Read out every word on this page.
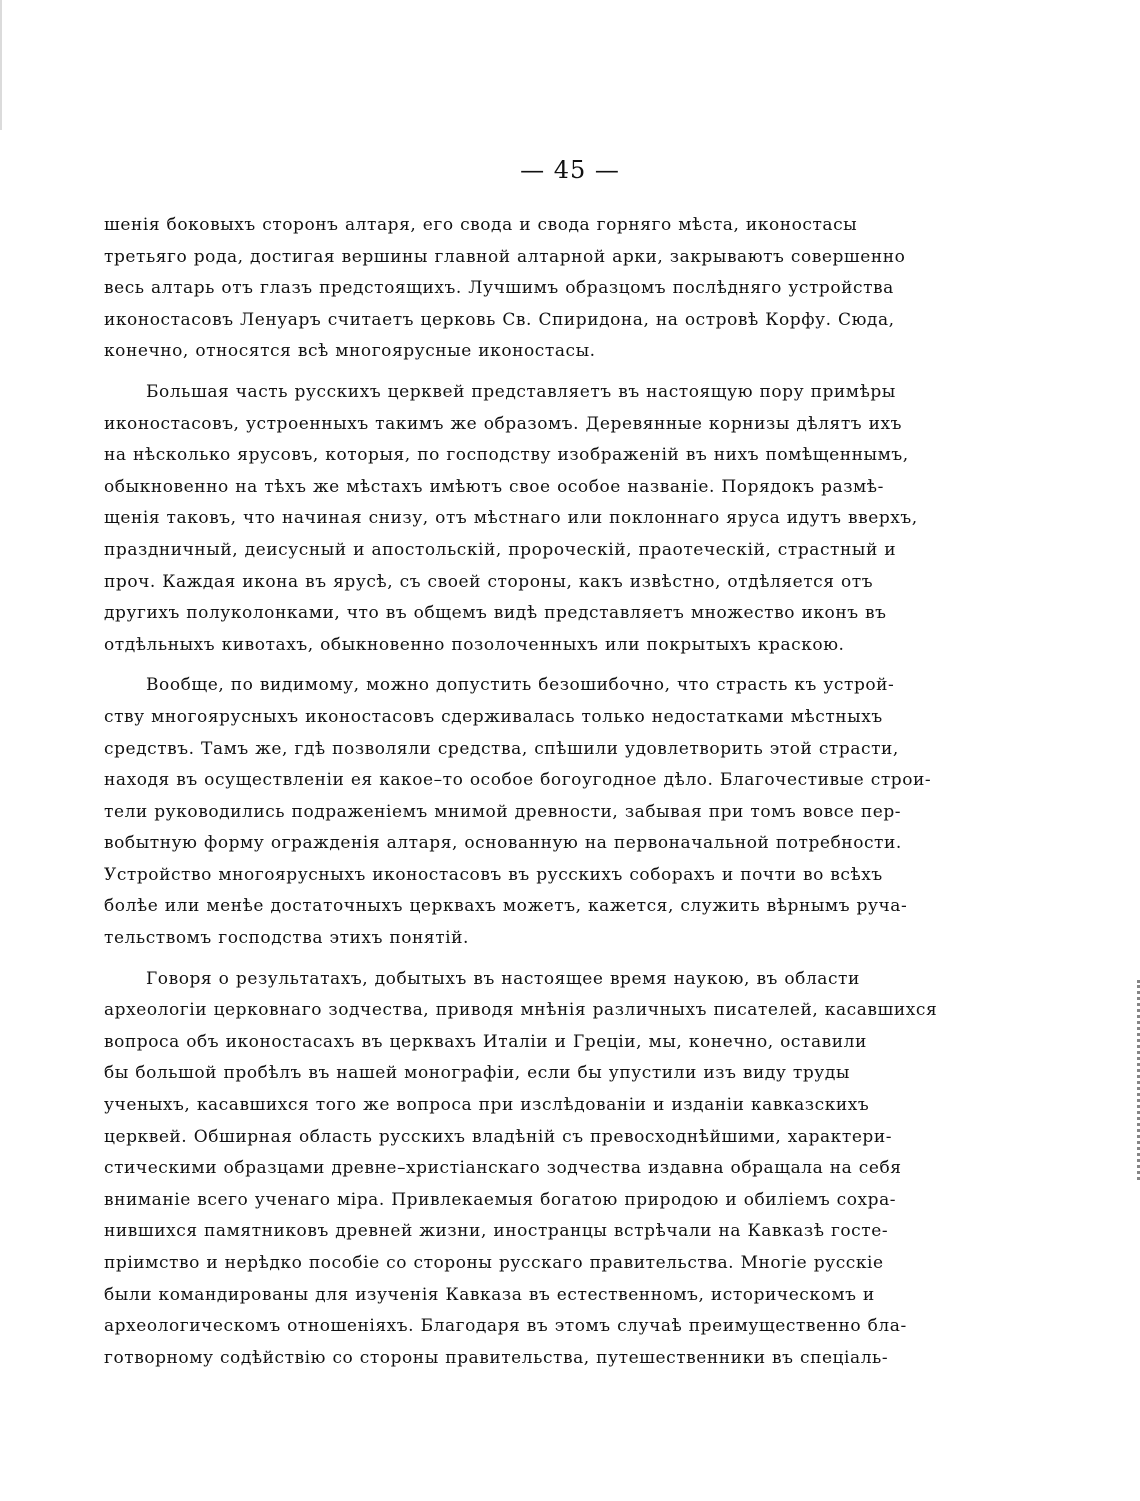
— 45 —
шенія боковыхъ сторонъ алтаря, его свода и свода горняго мѣста, иконостасы
третьяго рода, достигая вершины главной алтарной арки, закрываютъ совершенно
весь алтарь отъ глазъ предстоящихъ. Лучшимъ образцомъ послѣдняго устройства
иконостасовъ Ленуаръ считаетъ церковь Св. Спиридона, на островѣ Корфу. Сюда,
конечно, относятся всѣ многоярусные иконостасы.
Большая часть русскихъ церквей представляетъ въ настоящую пору примѣры
иконостасовъ, устроенныхъ такимъ же образомъ. Деревянные корнизы дѣлятъ ихъ
на нѣсколько ярусовъ, которыя, по господству изображеній въ нихъ помѣщеннымъ,
обыкновенно на тѣхъ же мѣстахъ имѣютъ свое особое названіе. Порядокъ размѣ-
щенія таковъ, что начиная снизу, отъ мѣстнаго или поклоннаго яруса идутъ вверхъ,
праздничный, деисусный и апостольскій, пророческій, праотеческій, страстный и
проч. Каждая икона въ ярусѣ, съ своей стороны, какъ извѣстно, отдѣляется отъ
другихъ полуколонками, что въ общемъ видѣ представляетъ множество иконъ въ
отдѣльныхъ кивотахъ, обыкновенно позолоченныхъ или покрытыхъ краскою.
Вообще, по видимому, можно допустить безошибочно, что страсть къ устрой-
ству многоярусныхъ иконостасовъ сдерживалась только недостатками мѣстныхъ
средствъ. Тамъ же, гдѣ позволяли средства, спѣшили удовлетворить этой страсти,
находя въ осуществленіи ея какое–то особое богоугодное дѣло. Благочестивые строи-
тели руководились подраженіемъ мнимой древности, забывая при томъ вовсе пер-
вобытную форму огражденія алтаря, основанную на первоначальной потребности.
Устройство многоярусныхъ иконостасовъ въ русскихъ соборахъ и почти во всѣхъ
болѣе или менѣе достаточныхъ церквахъ можетъ, кажется, служить вѣрнымъ руча-
тельствомъ господства этихъ понятій.
Говоря о результатахъ, добытыхъ въ настоящее время наукою, въ области
археологіи церковнаго зодчества, приводя мнѣнія различныхъ писателей, касавшихся
вопроса объ иконостасахъ въ церквахъ Италіи и Греціи, мы, конечно, оставили
бы большой пробѣлъ въ нашей монографіи, если бы упустили изъ виду труды
ученыхъ, касавшихся того же вопроса при изслѣдованіи и изданіи кавказскихъ
церквей. Обширная область русскихъ владѣній съ превосходнѣйшими, характери-
стическими образцами древне–христіанскаго зодчества издавна обращала на себя
вниманіе всего ученаго міра. Привлекаемыя богатою природою и обиліемъ сохра-
нившихся памятниковъ древней жизни, иностранцы встрѣчали на Кавказѣ госте-
пріимство и нерѣдко пособіе со стороны русскаго правительства. Многіе русскіе
были командированы для изученія Кавказа въ естественномъ, историческомъ и
археологическомъ отношеніяхъ. Благодаря въ этомъ случаѣ преимущественно бла-
готворному содѣйствію со стороны правительства, путешественники въ спеціаль-
